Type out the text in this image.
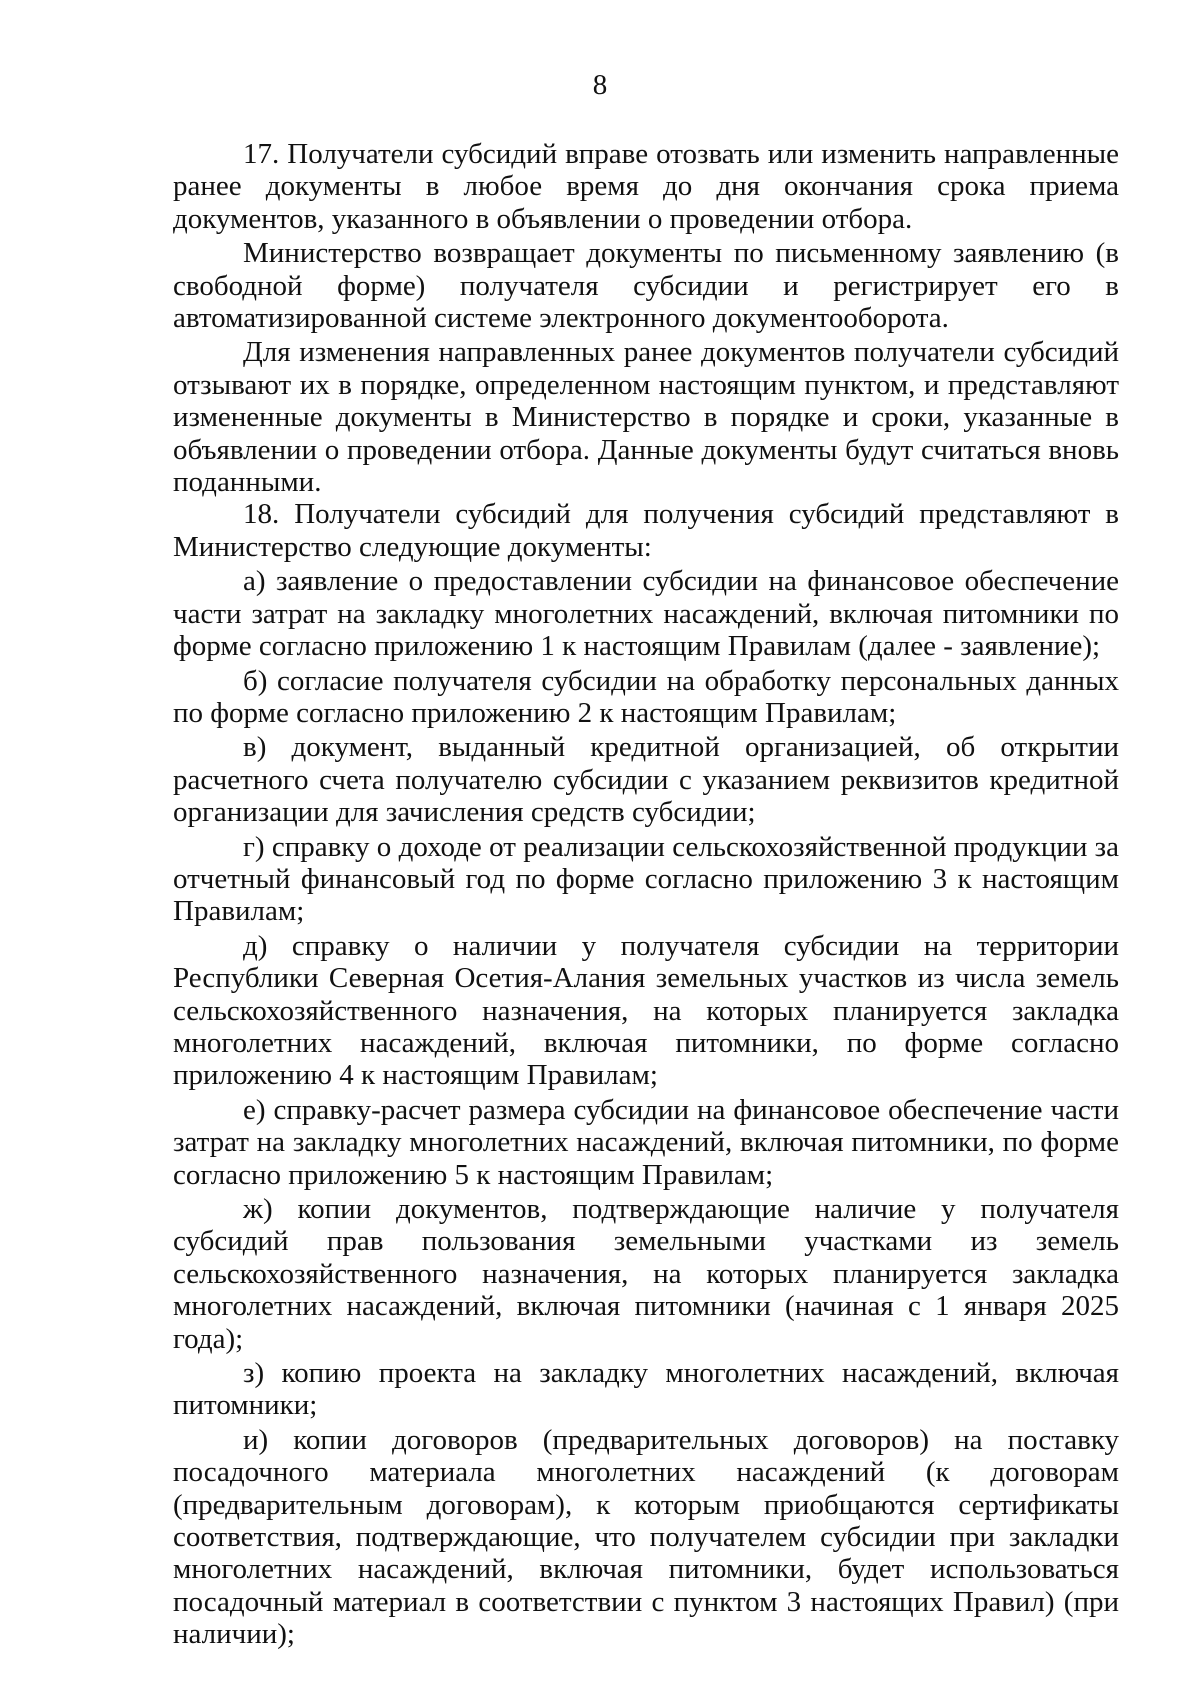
8

17. Получатели субсидий вправе отозвать или изменить направленные ранее документы в любое время до дня окончания срока приема документов, указанного в объявлении о проведении отбора.

Министерство возвращает документы по письменному заявлению (в свободной форме) получателя субсидии и регистрирует его в автоматизированной системе электронного документооборота.

Для изменения направленных ранее документов получатели субсидий отзывают их в порядке, определенном настоящим пунктом, и представляют измененные документы в Министерство в порядке и сроки, указанные в объявлении о проведении отбора. Данные документы будут считаться вновь поданными.

18. Получатели субсидий для получения субсидий представляют в Министерство следующие документы:

а) заявление о предоставлении субсидии на финансовое обеспечение части затрат на закладку многолетних насаждений, включая питомники по форме согласно приложению 1 к настоящим Правилам (далее - заявление);

б) согласие получателя субсидии на обработку персональных данных по форме согласно приложению 2 к настоящим Правилам;

в) документ, выданный кредитной организацией, об открытии расчетного счета получателю субсидии с указанием реквизитов кредитной организации для зачисления средств субсидии;

г) справку о доходе от реализации сельскохозяйственной продукции за отчетный финансовый год по форме согласно приложению 3 к настоящим Правилам;

д) справку о наличии у получателя субсидии на территории Республики Северная Осетия-Алания земельных участков из числа земель сельскохозяйственного назначения, на которых планируется закладка многолетних насаждений, включая питомники, по форме согласно приложению 4 к настоящим Правилам;

е) справку-расчет размера субсидии на финансовое обеспечение части затрат на закладку многолетних насаждений, включая питомники, по форме согласно приложению 5 к настоящим Правилам;

ж) копии документов, подтверждающие наличие у получателя субсидий прав пользования земельными участками из земель сельскохозяйственного назначения, на которых планируется закладка многолетних насаждений, включая питомники (начиная с 1 января 2025 года);

з) копию проекта на закладку многолетних насаждений, включая питомники;

и) копии договоров (предварительных договоров) на поставку посадочного материала многолетних насаждений (к договорам (предварительным договорам), к которым приобщаются сертификаты соответствия, подтверждающие, что получателем субсидии при закладки многолетних насаждений, включая питомники, будет использоваться посадочный материал в соответствии с пунктом 3 настоящих Правил) (при наличии);
